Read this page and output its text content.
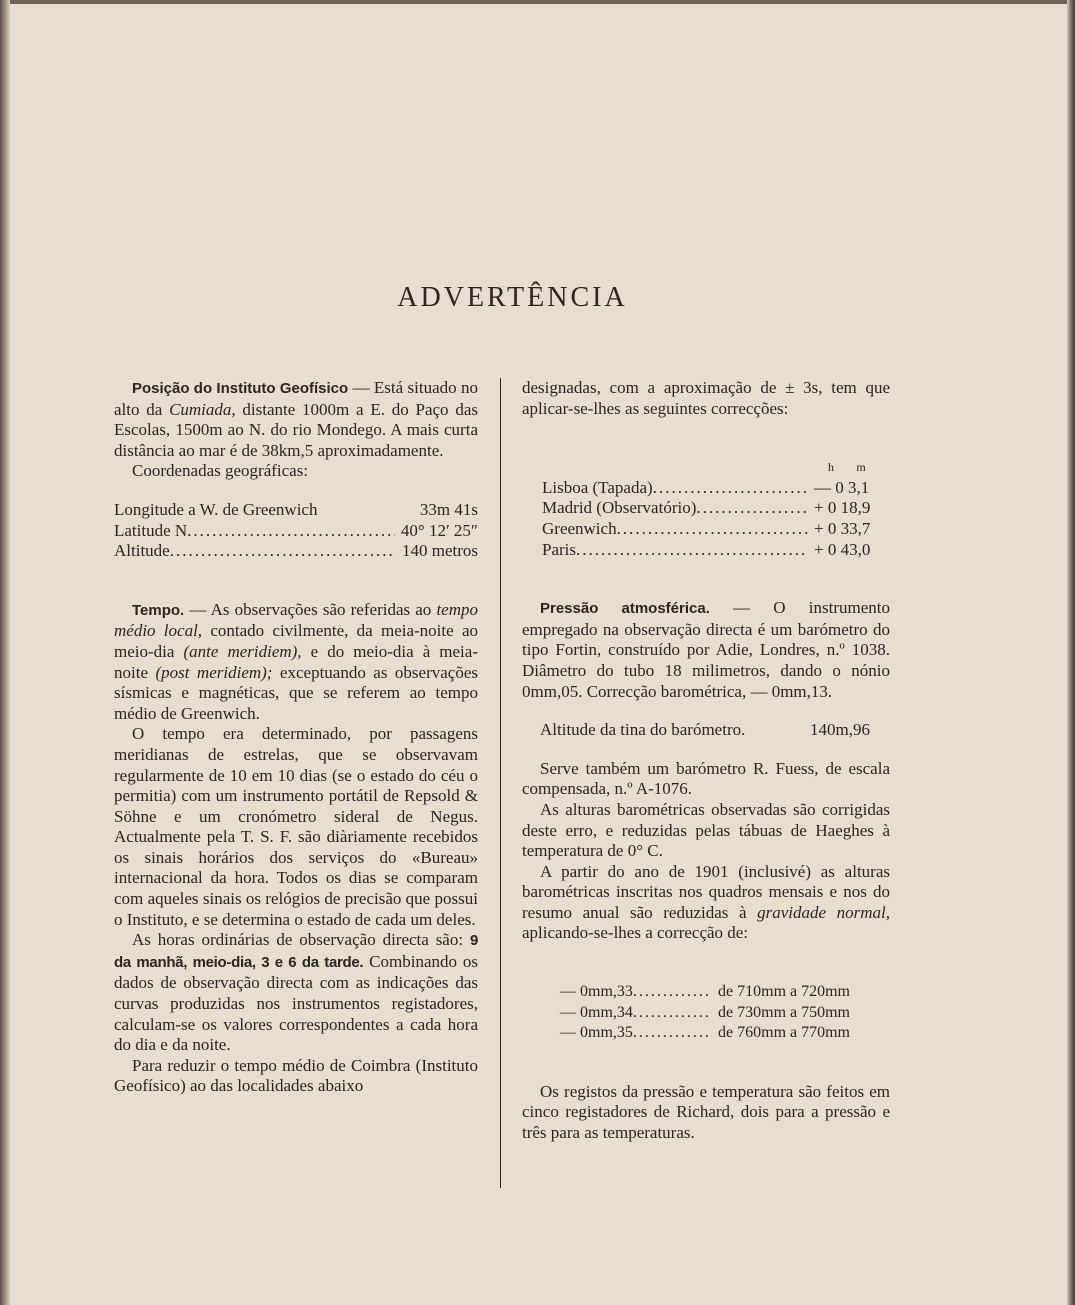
ADVERTÊNCIA

Posição do Instituto Geofísico — Está situado no alto da Cumiada, distante 1000m a E. do Paço das Escolas, 1500m ao N. do rio Mondego. A mais curta distância ao mar é de 38km,5 aproximadamente.

Coordenadas geográficas:

Longitude a W. de Greenwich	33m 41s
Latitude N .....	40° 12′ 25″
Altitude .....	140 metros

Tempo. — As observações são referidas ao tempo médio local, contado civilmente, da meia-noite ao meio-dia (ante meridiem), e do meio-dia à meia-noite (post meridiem); exceptuando as observações sísmicas e magnéticas, que se referem ao tempo médio de Greenwich.

O tempo era determinado, por passagens meridianas de estrelas, que se observavam regularmente de 10 em 10 dias (se o estado do céu o permitia) com um instrumento portátil de Repsold & Söhne e um cronómetro sideral de Negus. Actualmente pela T. S. F. são diàriamente recebidos os sinais horários dos serviços do «Bureau» internacional da hora. Todos os dias se comparam com aqueles sinais os relógios de precisão que possui o Instituto, e se determina o estado de cada um deles.

As horas ordinárias de observação directa são: 9 da manhã, meio-dia, 3 e 6 da tarde. Combinando os dados de observação directa com as indicações das curvas produzidas nos instrumentos registadores, calculam-se os valores correspondentes a cada hora do dia e da noite.

Para reduzir o tempo médio de Coimbra (Instituto Geofísico) ao das localidades abaixo

designadas, com a aproximação de ± 3s, tem que aplicar-se-lhes as seguintes correcções:

h m
Lisboa (Tapada) .....	— 0 3,1
Madrid (Observatório) .....	+ 0 18,9
Greenwich .....	+ 0 33,7
Paris .....	+ 0 43,0

Pressão atmosférica. — O instrumento empregado na observação directa é um barómetro do tipo Fortin, construído por Adie, Londres, n.º 1038. Diâmetro do tubo 18 milimetros, dando o nónio 0mm,05. Correcção barométrica, — 0mm,13.

Altitude da tina do barómetro.	140m,96

Serve também um barómetro R. Fuess, de escala compensada, n.º A-1076.

As alturas barométricas observadas são corrigidas deste erro, e reduzidas pelas tábuas de Haeghes à temperatura de 0° C.

A partir do ano de 1901 (inclusivé) as alturas barométricas inscritas nos quadros mensais e nos do resumo anual são reduzidas à gravidade normal, aplicando-se-lhes a correcção de:

— 0mm,33 .....	de 710mm a 720mm
— 0mm,34 .....	de 730mm a 750mm
— 0mm,35 .....	de 760mm a 770mm

Os registos da pressão e temperatura são feitos em cinco registadores de Richard, dois para a pressão e três para as temperaturas.
